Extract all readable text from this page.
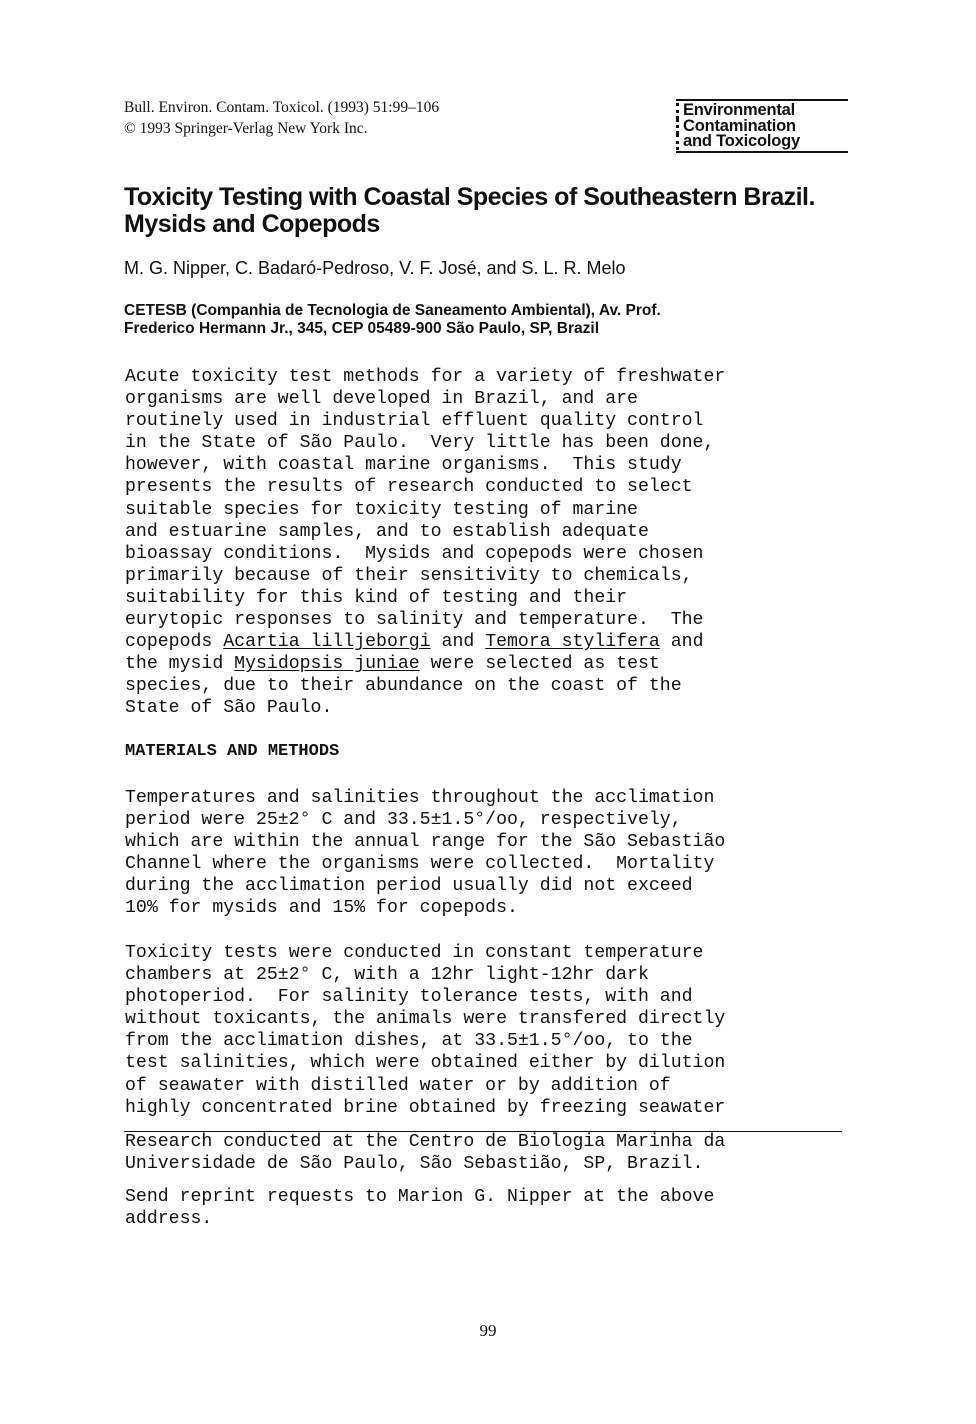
Bull. Environ. Contam. Toxicol. (1993) 51:99–106
© 1993 Springer-Verlag New York Inc.
Environmental
Contamination
and Toxicology
Toxicity Testing with Coastal Species of Southeastern Brazil. Mysids and Copepods
M. G. Nipper, C. Badaró-Pedroso, V. F. José, and S. L. R. Melo
CETESB (Companhia de Tecnologia de Saneamento Ambiental), Av. Prof.
Frederico Hermann Jr., 345, CEP 05489-900 São Paulo, SP, Brazil
Acute toxicity test methods for a variety of freshwater
organisms are well developed in Brazil, and are
routinely used in industrial effluent quality control
in the State of São Paulo.  Very little has been done,
however, with coastal marine organisms.  This study
presents the results of research conducted to select
suitable species for toxicity testing of marine
and estuarine samples, and to establish adequate
bioassay conditions.  Mysids and copepods were chosen
primarily because of their sensitivity to chemicals,
suitability for this kind of testing and their
eurytopic responses to salinity and temperature.  The
copepods Acartia lilljeborgi and Temora stylifera and
the mysid Mysidopsis juniae were selected as test
species, due to their abundance on the coast of the
State of São Paulo.
MATERIALS AND METHODS
Temperatures and salinities throughout the acclimation
period were 25±2° C and 33.5±1.5°/oo, respectively,
which are within the annual range for the São Sebastião
Channel where the organisms were collected.  Mortality
during the acclimation period usually did not exceed
10% for mysids and 15% for copepods.
Toxicity tests were conducted in constant temperature
chambers at 25±2° C, with a 12hr light-12hr dark
photoperiod.  For salinity tolerance tests, with and
without toxicants, the animals were transfered directly
from the acclimation dishes, at 33.5±1.5°/oo, to the
test salinities, which were obtained either by dilution
of seawater with distilled water or by addition of
highly concentrated brine obtained by freezing seawater
Research conducted at the Centro de Biologia Marinha da
Universidade de São Paulo, São Sebastião, SP, Brazil.
Send reprint requests to Marion G. Nipper at the above
address.
99
